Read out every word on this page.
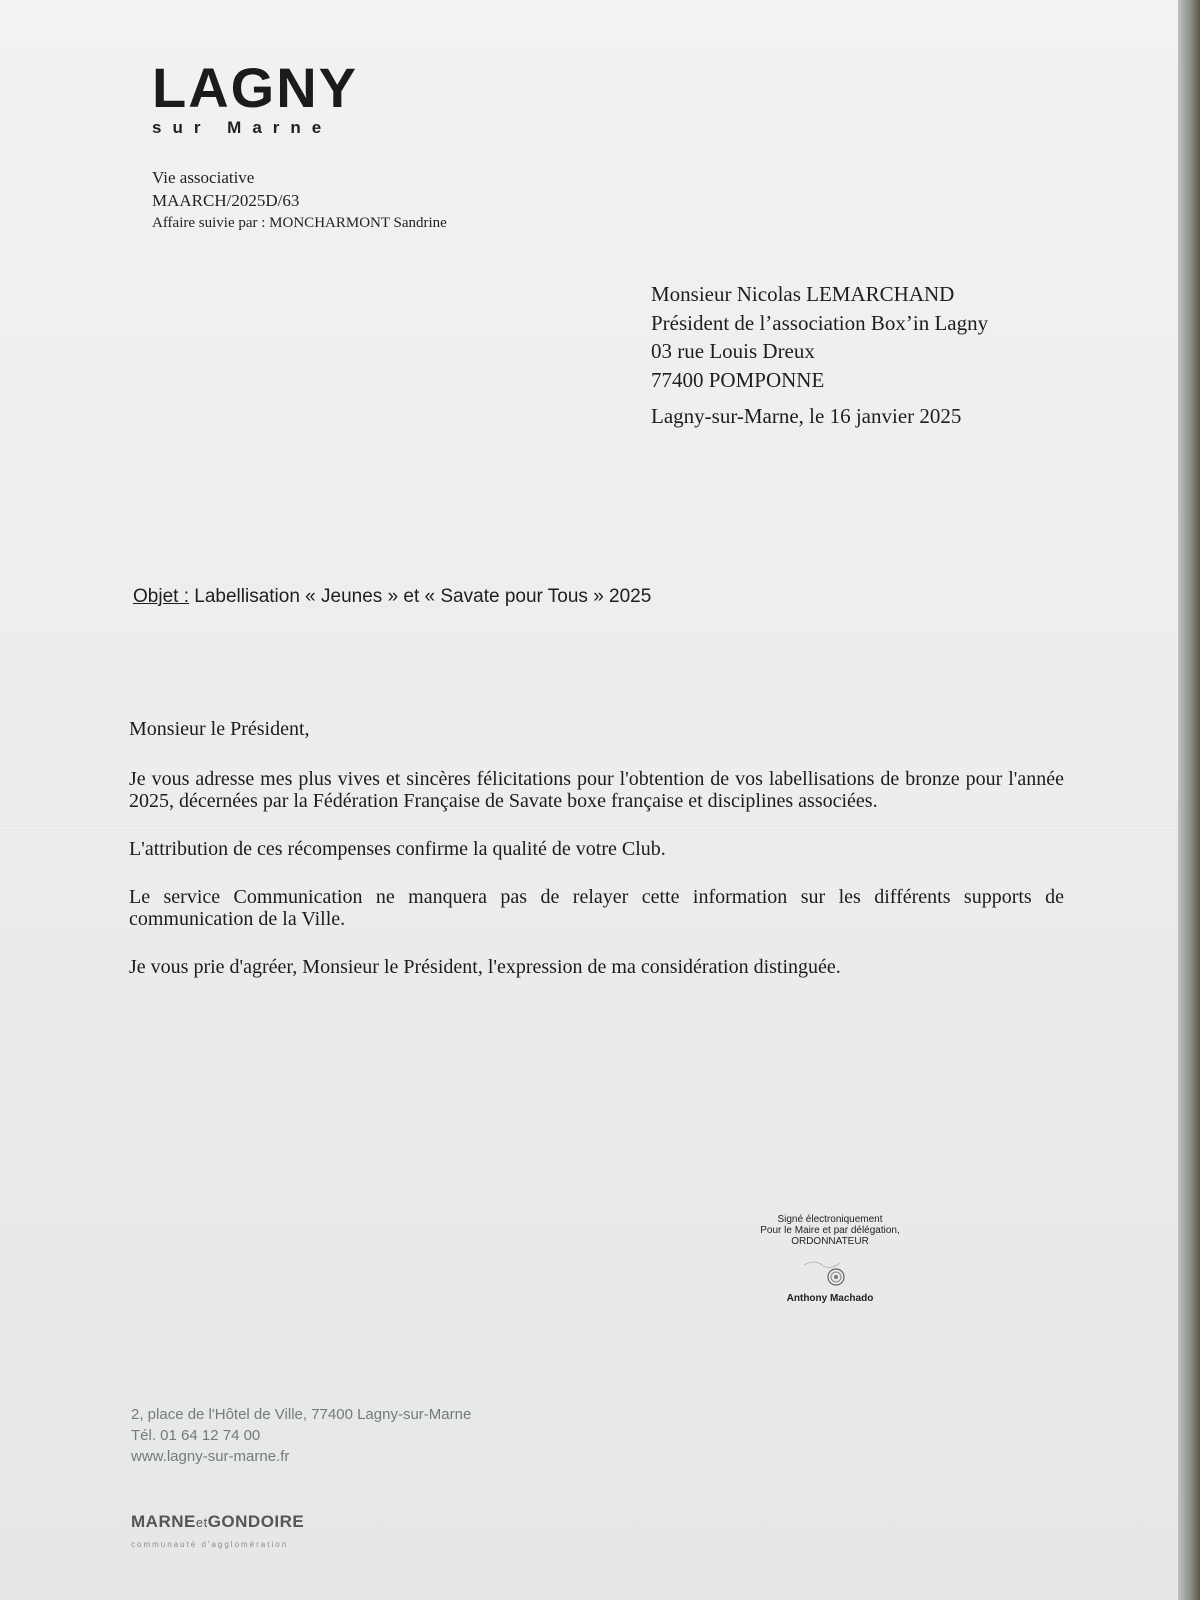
LAGNY
sur Marne
Vie associative
MAARCH/2025D/63
Affaire suivie par : MONCHARMONT Sandrine
Monsieur Nicolas LEMARCHAND
Président de l’association Box’in Lagny
03 rue Louis Dreux
77400 POMPONNE
Lagny-sur-Marne, le 16 janvier 2025
Objet : Labellisation « Jeunes » et « Savate pour Tous » 2025

Monsieur le Président,

Je vous adresse mes plus vives et sincères félicitations pour l'obtention de vos labellisations de bronze pour l'année 2025, décernées par la Fédération Française de Savate boxe française et disciplines associées.

L'attribution de ces récompenses confirme la qualité de votre Club.

Le service Communication ne manquera pas de relayer cette information sur les différents supports de communication de la Ville.

Je vous prie d'agréer, Monsieur le Président, l'expression de ma considération distinguée.

Signé électroniquement
Pour le Maire et par délégation,
ORDONNATEUR
Anthony Machado
2, place de l'Hôtel de Ville, 77400 Lagny-sur-Marne
Tél. 01 64 12 74 00
www.lagny-sur-marne.fr
MARNEetGONDOIRE
communauté d'agglomération
